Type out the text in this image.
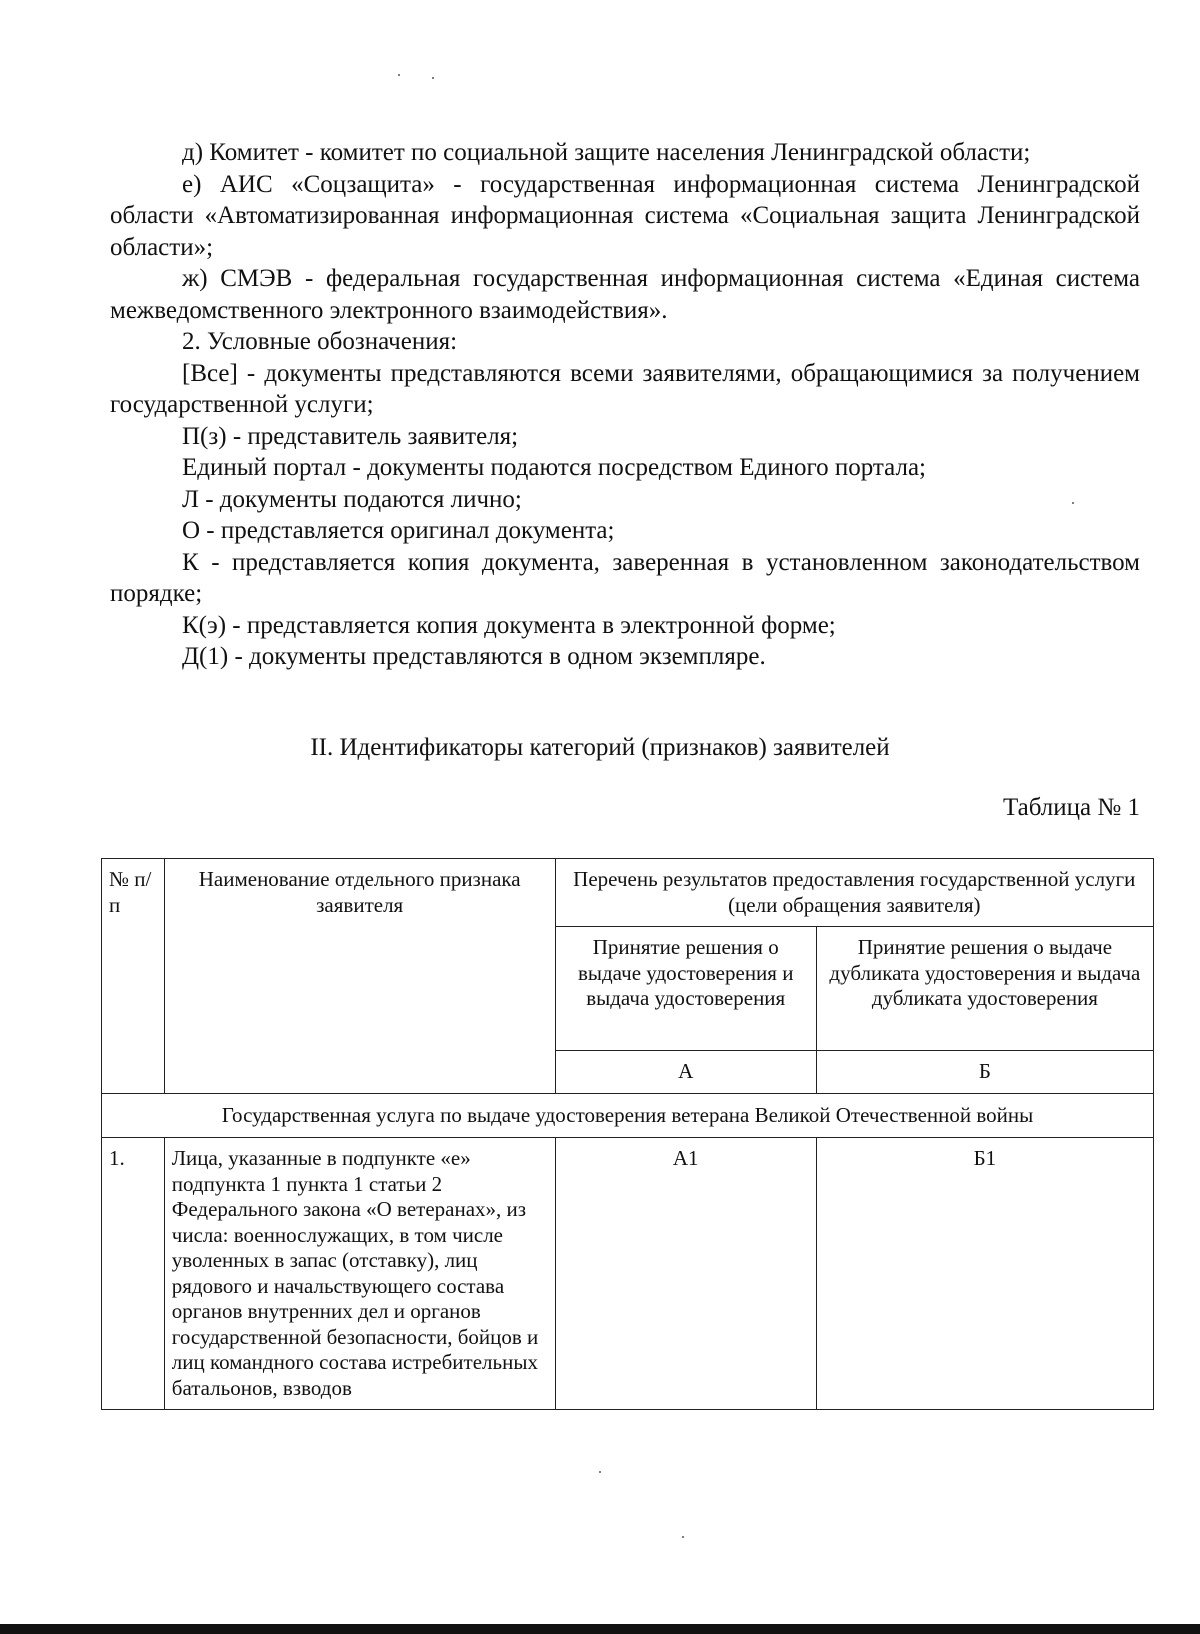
д) Комитет - комитет по социальной защите населения Ленинградской области;

е) АИС «Соцзащита» - государственная информационная система Ленинградской области «Автоматизированная информационная система «Социальная защита Ленинградской области»;

ж) СМЭВ - федеральная государственная информационная система «Единая система межведомственного электронного взаимодействия».

2. Условные обозначения:

[Все] - документы представляются всеми заявителями, обращающимися за получением государственной услуги;

П(з) - представитель заявителя;

Единый портал - документы подаются посредством Единого портала;

Л - документы подаются лично;

О - представляется оригинал документа;

К - представляется копия документа, заверенная в установленном законодательством порядке;

К(э) - представляется копия документа в электронной форме;

Д(1) - документы представляются в одном экземпляре.

II. Идентификаторы категорий (признаков) заявителей
Таблица № 1
№ п/п	Наименование отдельного признака заявителя	Перечень результатов предоставления государственной услуги (цели обращения заявителя)	
		Принятие решения о выдаче удостоверения и выдача удостоверения	Принятие решения о выдаче дубликата удостоверения и выдача дубликата удостоверения
		А	Б
Государственная услуга по выдаче удостоверения ветерана Великой Отечественной войны			
1.	Лица, указанные в подпункте «е» подпункта 1 пункта 1 статьи 2 Федерального закона «О ветеранах», из числа: военнослужащих, в том числе уволенных в запас (отставку), лиц рядового и начальствующего состава органов внутренних дел и органов государственной безопасности, бойцов и лиц командного состава истребительных батальонов, взводов	А1	Б1
